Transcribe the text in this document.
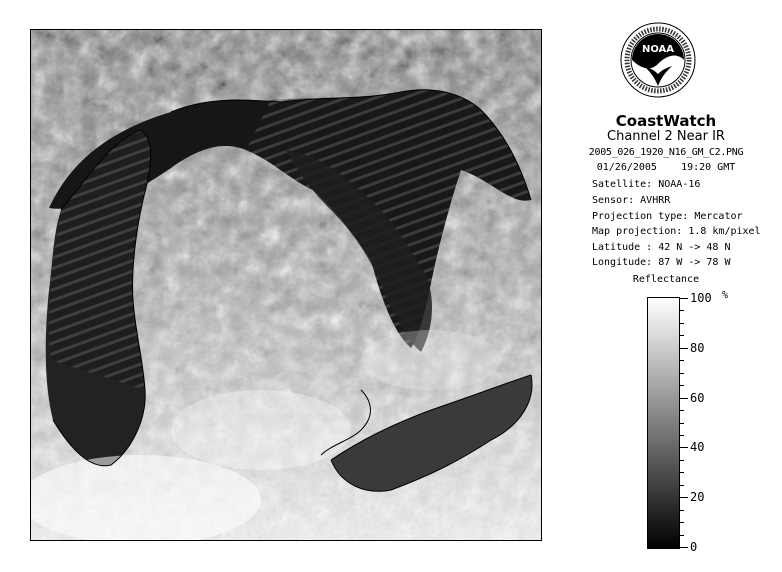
NOAA
CoastWatch
Channel 2 Near IR
2005_026_1920_N16_GM_C2.PNG
01/26/2005 19:20 GMT
Satellite: NOAA-16
Sensor: AVHRR
Projection type: Mercator
Map projection: 1.8 km/pixel
Latitude : 42 N -> 48 N
Longitude: 87 W -> 78 W
Reflectance
%
100
80
60
40
20
0
